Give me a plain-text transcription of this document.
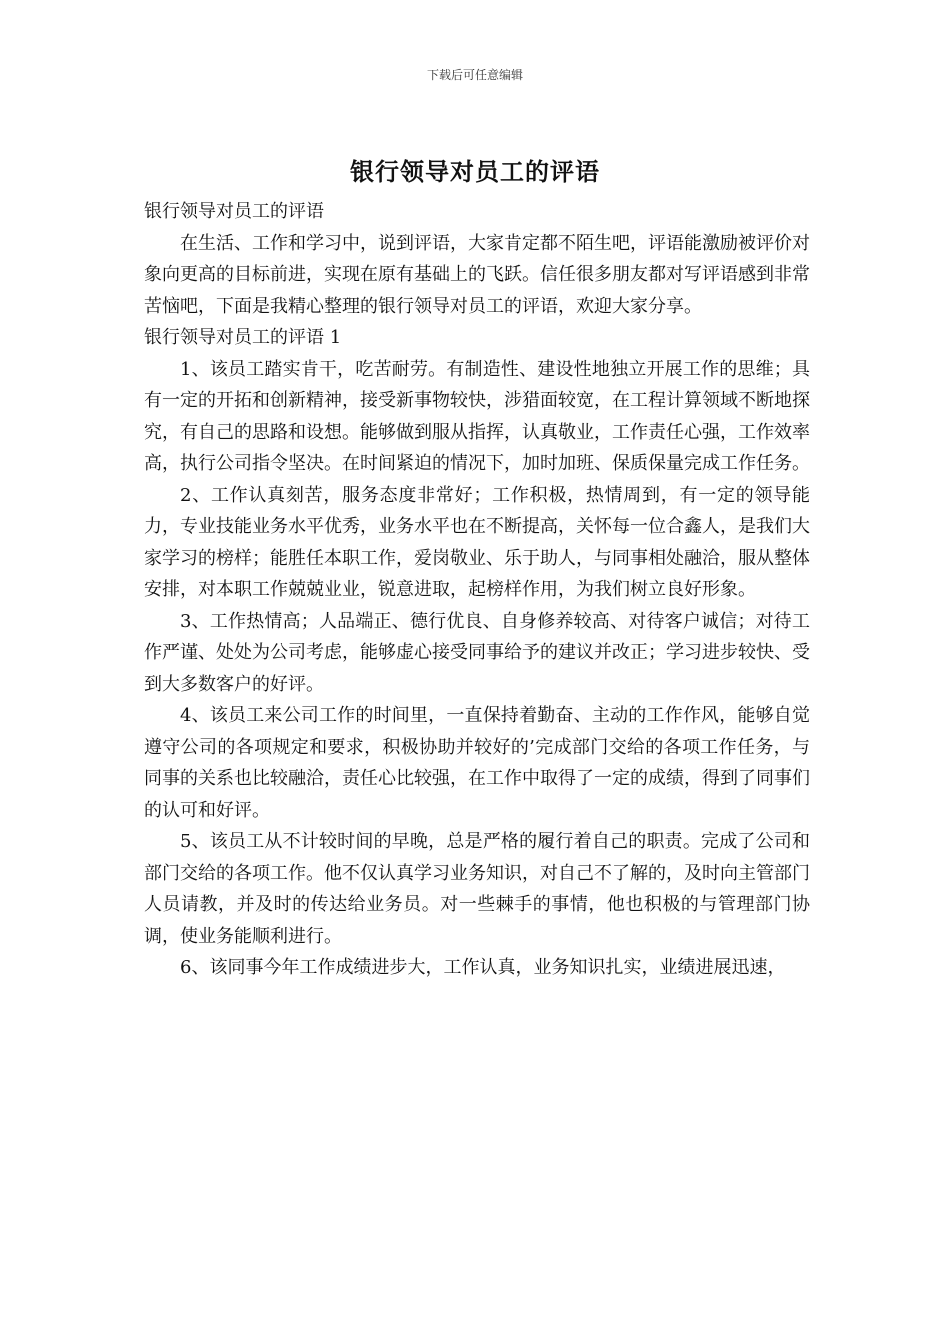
下载后可任意编辑
银行领导对员工的评语

银行领导对员工的评语

在生活、工作和学习中，说到评语，大家肯定都不陌生吧，评语能激励被评价对象向更高的目标前进，实现在原有基础上的飞跃。信任很多朋友都对写评语感到非常苦恼吧，下面是我精心整理的银行领导对员工的评语，欢迎大家分享。

银行领导对员工的评语 1

1、该员工踏实肯干，吃苦耐劳。有制造性、建设性地独立开展工作的思维；具有一定的开拓和创新精神，接受新事物较快，涉猎面较宽，在工程计算领域不断地探究，有自己的思路和设想。能够做到服从指挥，认真敬业，工作责任心强，工作效率高，执行公司指令坚决。在时间紧迫的情况下，加时加班、保质保量完成工作任务。

2、工作认真刻苦，服务态度非常好；工作积极，热情周到，有一定的领导能力，专业技能业务水平优秀，业务水平也在不断提高，关怀每一位合鑫人，是我们大家学习的榜样；能胜任本职工作，爱岗敬业、乐于助人，与同事相处融洽，服从整体安排，对本职工作兢兢业业，锐意进取，起榜样作用，为我们树立良好形象。

3、工作热情高；人品端正、德行优良、自身修养较高、对待客户诚信；对待工作严谨、处处为公司考虑，能够虚心接受同事给予的建议并改正；学习进步较快、受到大多数客户的好评。

4、该员工来公司工作的时间里，一直保持着勤奋、主动的工作作风，能够自觉遵守公司的各项规定和要求，积极协助并较好的’完成部门交给的各项工作任务，与同事的关系也比较融洽，责任心比较强，在工作中取得了一定的成绩，得到了同事们的认可和好评。

5、该员工从不计较时间的早晚，总是严格的履行着自己的职责。完成了公司和部门交给的各项工作。他不仅认真学习业务知识，对自己不了解的，及时向主管部门人员请教，并及时的传达给业务员。对一些棘手的事情，他也积极的与管理部门协调，使业务能顺利进行。

6、该同事今年工作成绩进步大，工作认真，业务知识扎实，业绩进展迅速，
